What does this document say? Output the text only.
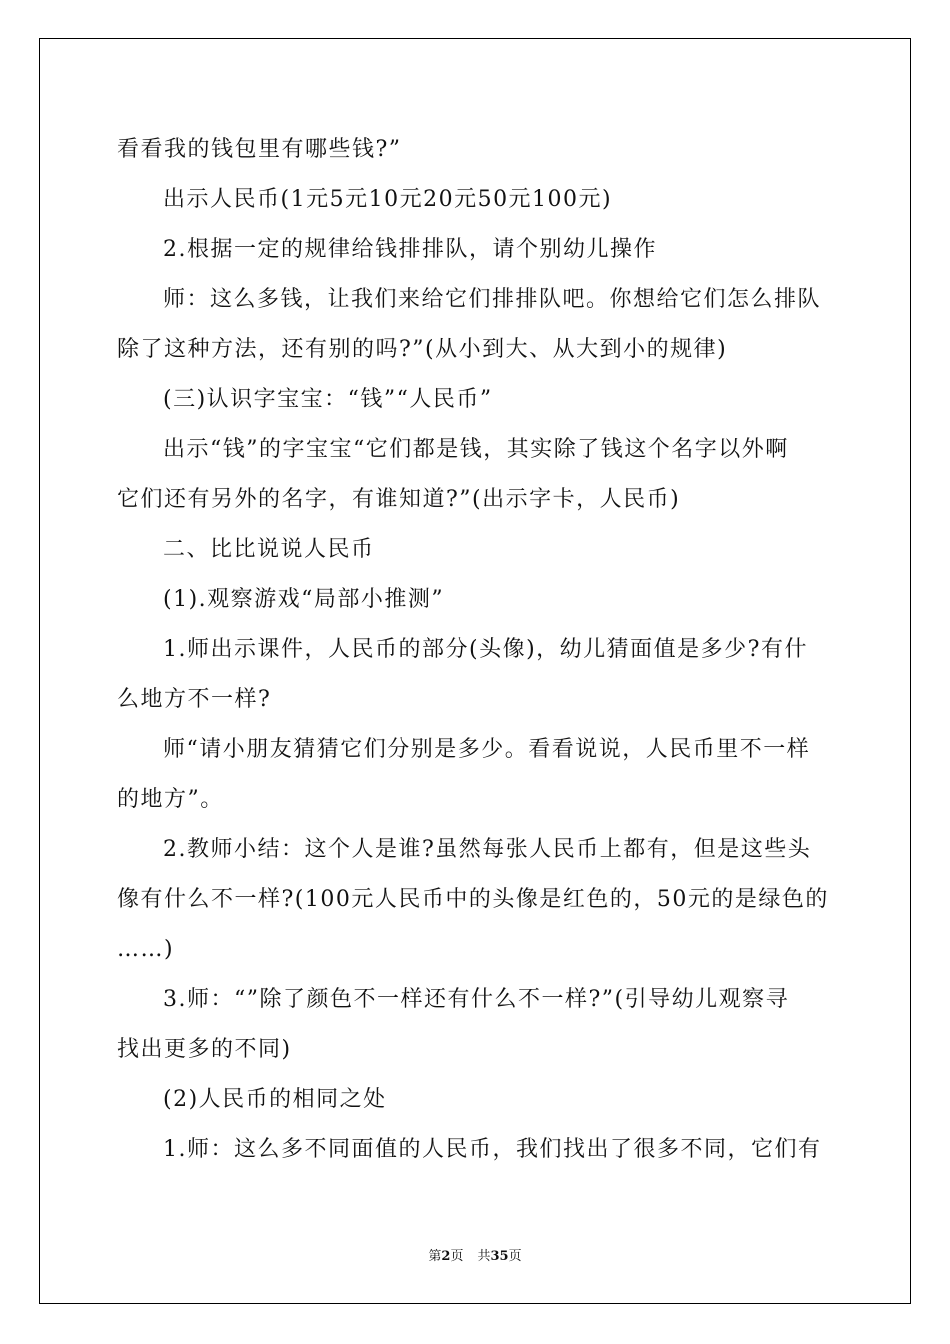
看看我的钱包里有哪些钱?”
出示人民币(1元5元10元20元50元100元)
2.根据一定的规律给钱排排队，请个别幼儿操作
师：这么多钱，让我们来给它们排排队吧。你想给它们怎么排队
除了这种方法，还有别的吗?”(从小到大、从大到小的规律)
(三)认识字宝宝：“钱”“人民币”
出示“钱”的字宝宝“它们都是钱，其实除了钱这个名字以外啊
它们还有另外的名字，有谁知道?”(出示字卡，人民币)
二、比比说说人民币
(1).观察游戏“局部小推测”
1.师出示课件，人民币的部分(头像)，幼儿猜面值是多少?有什
么地方不一样?
师“请小朋友猜猜它们分别是多少。看看说说，人民币里不一样
的地方”。
2.教师小结：这个人是谁?虽然每张人民币上都有，但是这些头
像有什么不一样?(100元人民币中的头像是红色的，50元的是绿色的
……)
3.师：“”除了颜色不一样还有什么不一样?”(引导幼儿观察寻
找出更多的不同)
(2)人民币的相同之处
1.师：这么多不同面值的人民币，我们找出了很多不同，它们有
第2页 共35页
